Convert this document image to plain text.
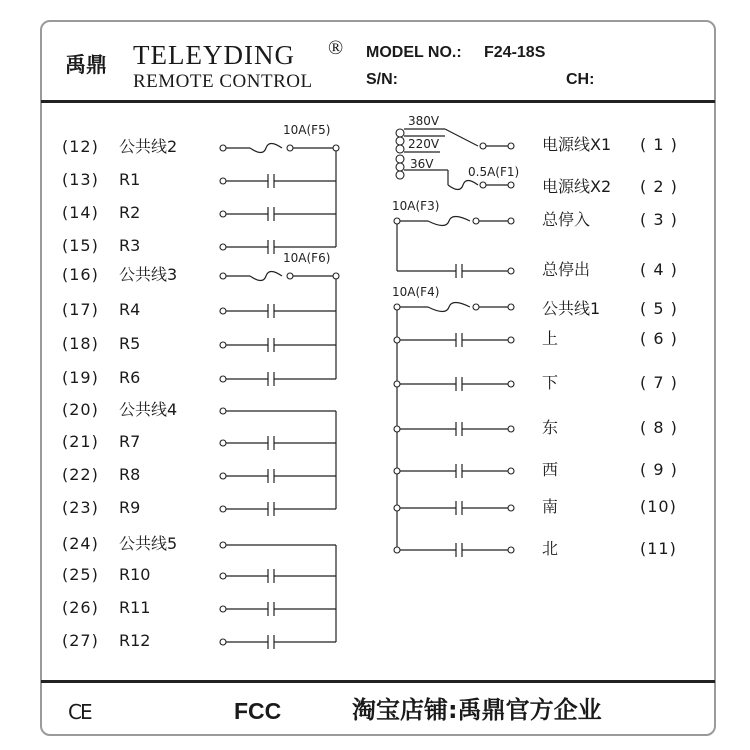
禹鼎 TELEYDING ®
REMOTE CONTROL
MODEL NO.: F24-18S
S/N:	CH:
CE	FCC	淘宝店铺:禹鼎官方企业
10A(F5)
10A(F6)
380V
220V
36V
0.5A(F1)
10A(F3)
10A(F4)
(12) 公共线2
(13) R1
(14) R2
(15) R3
(16) 公共线3
(17) R4
(18) R5
(19) R6
(20) 公共线4
(21) R7
(22) R8
(23) R9
(24) 公共线5
(25) R10
(26) R11
(27) R12
电源线X1 ( 1 )
电源线X2 ( 2 )
总停入	( 3 )
总停出	( 4 )
公共线1 ( 5 )
上	( 6 )
下	( 7 )
东	( 8 )
西	( 9 )
南	(10)
北	(11)
